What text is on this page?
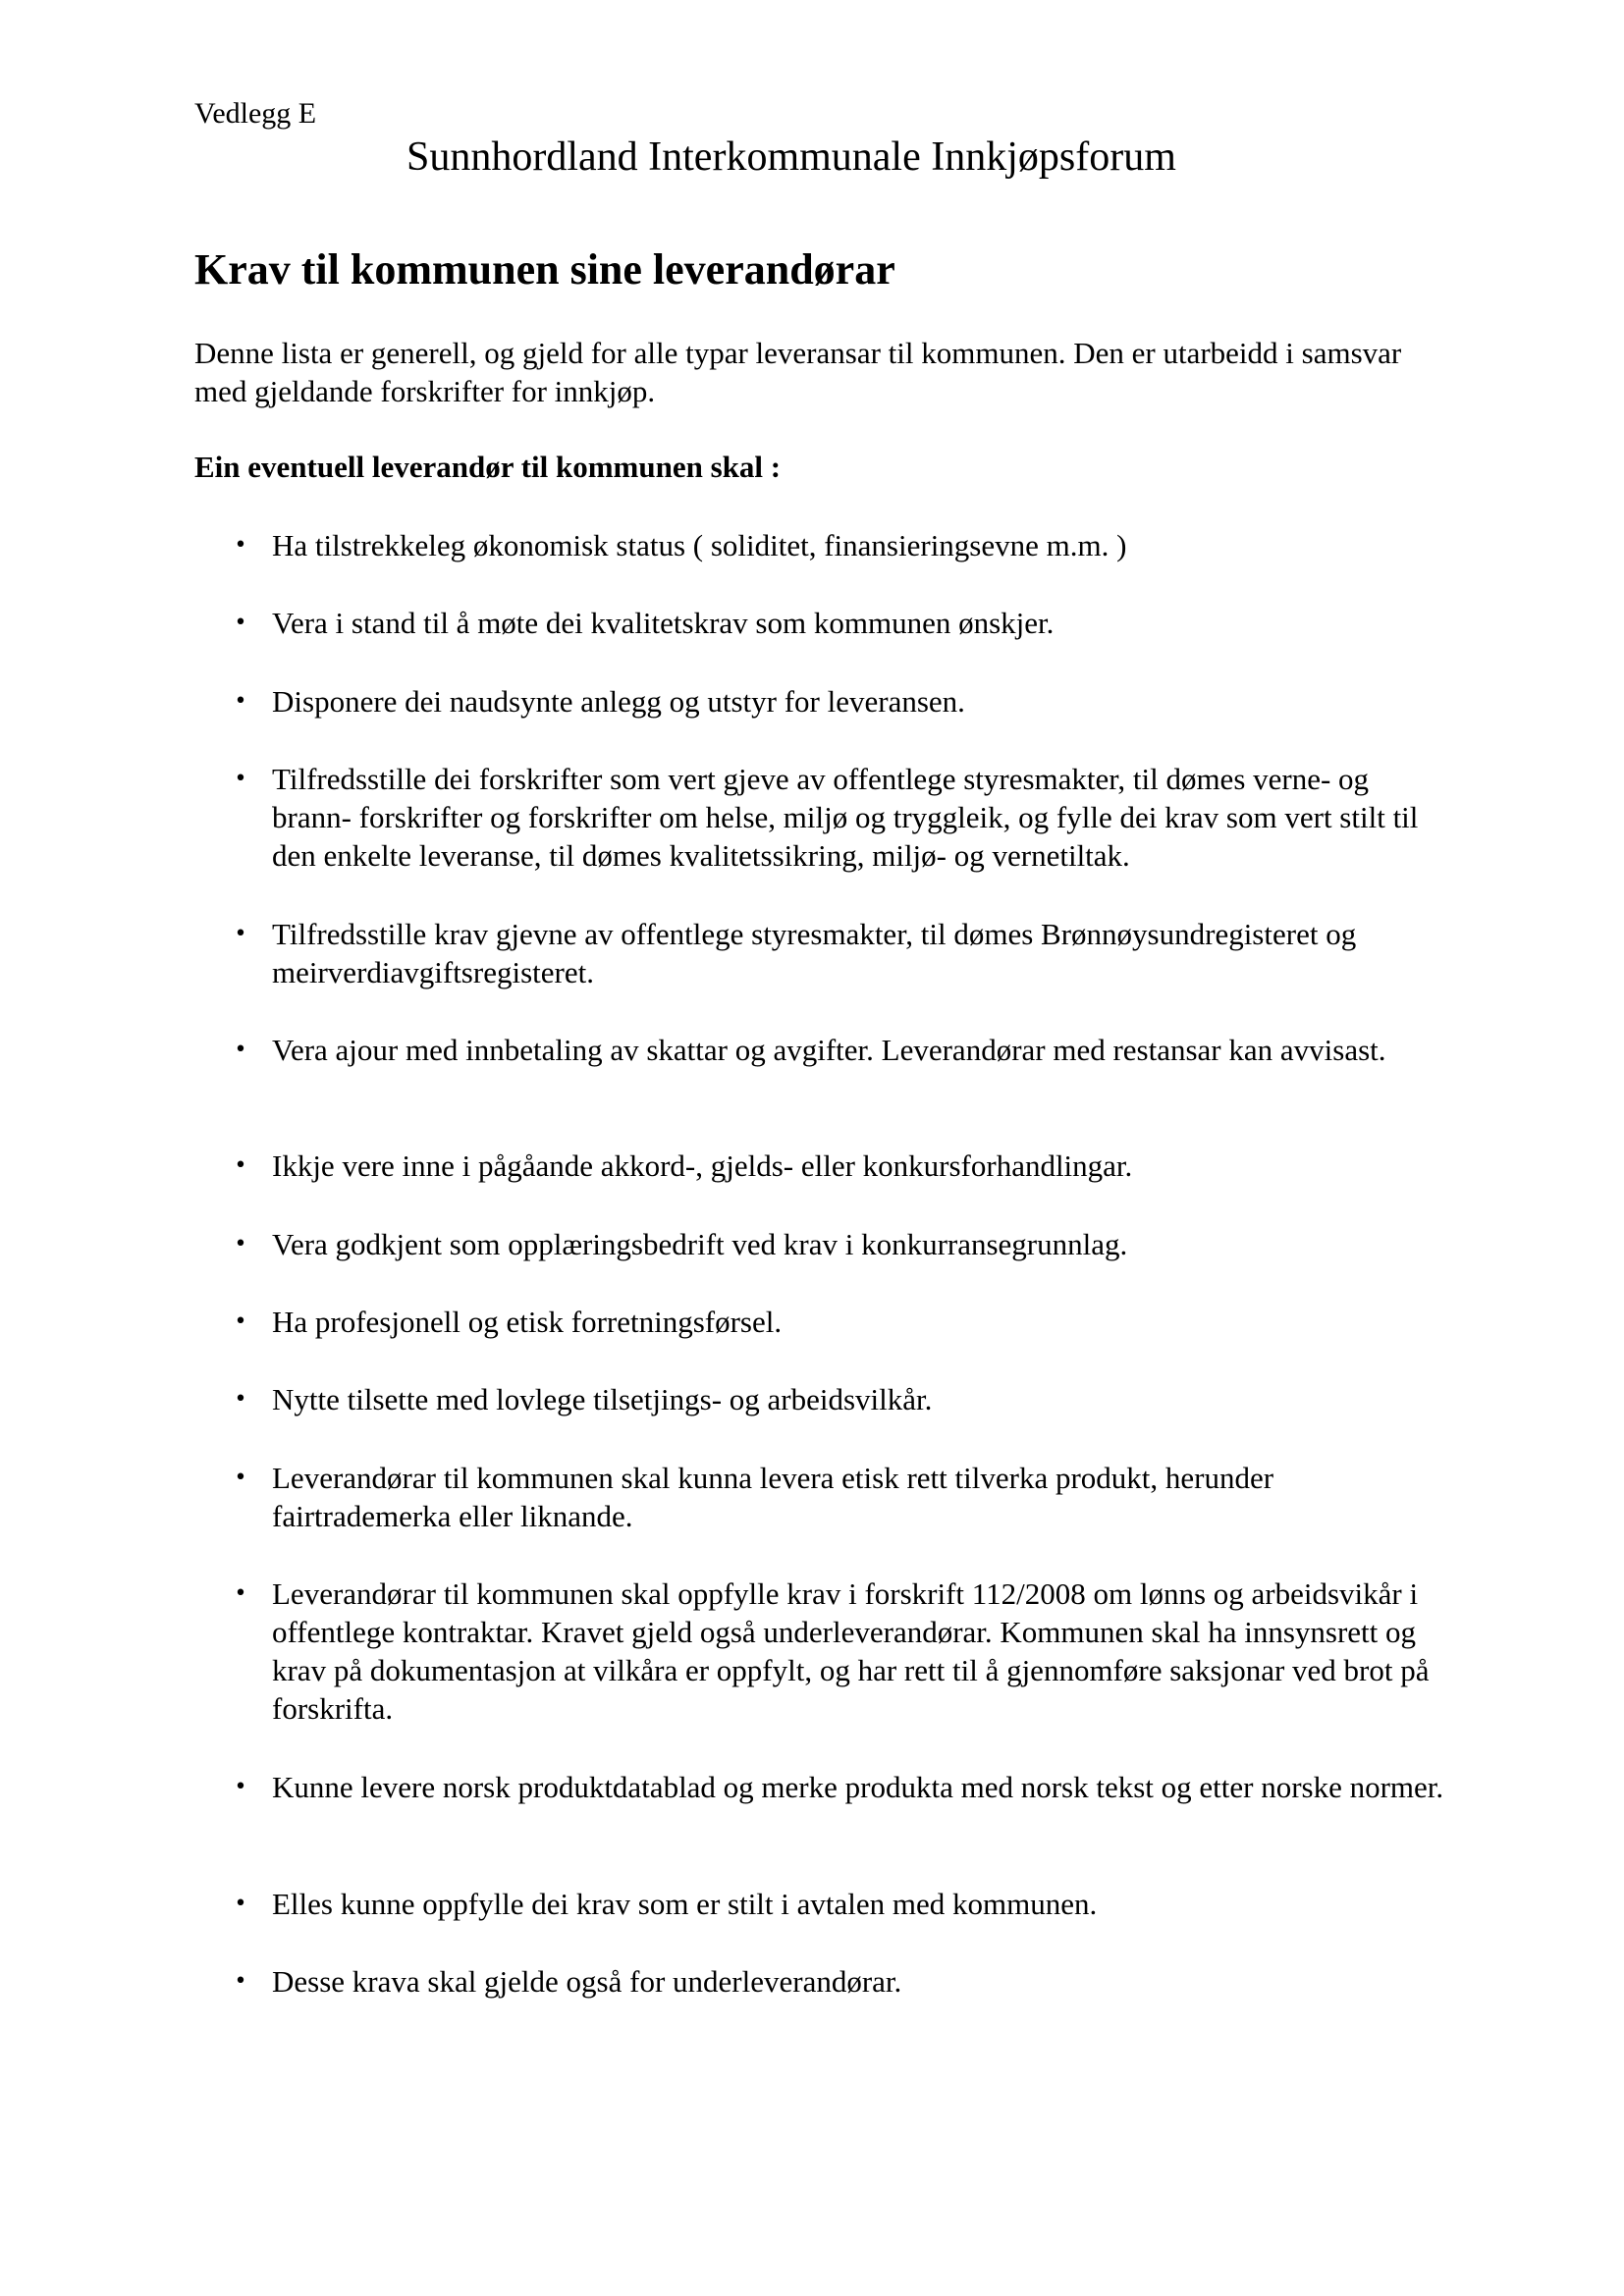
Vedlegg E

Sunnhordland Interkommunale Innkjøpsforum
Krav til kommunen sine leverandørar

Denne lista er generell, og gjeld for alle typar leveransar til kommunen. Den er utarbeidd i samsvar med gjeldande forskrifter for innkjøp.

Ein eventuell leverandør til kommunen skal :

• Ha tilstrekkeleg økonomisk status ( soliditet, finansieringsevne m.m. )
• Vera i stand til å møte dei kvalitetskrav som kommunen ønskjer.
• Disponere dei naudsynte anlegg og utstyr for leveransen.
• Tilfredsstille dei forskrifter som vert gjeve av offentlege styresmakter, til dømes verne- og brann- forskrifter og forskrifter om helse, miljø og tryggleik, og fylle dei krav som vert stilt til den enkelte leveranse, til dømes kvalitetssikring, miljø- og vernetiltak.
• Tilfredsstille krav gjevne av offentlege styresmakter, til dømes Brønnøysundregisteret og meirverdiavgiftsregisteret.
• Vera ajour med innbetaling av skattar og avgifter. Leverandørar med restansar kan avvisast.
• Ikkje vere inne i pågåande akkord-, gjelds- eller konkursforhandlingar.
• Vera godkjent som opplæringsbedrift ved krav i konkurransegrunnlag.
• Ha profesjonell og etisk forretningsførsel.
• Nytte tilsette med lovlege tilsetjings- og arbeidsvilkår.
• Leverandørar til kommunen skal kunna levera etisk rett tilverka produkt, herunder fairtrademerka eller liknande.
• Leverandørar til kommunen skal oppfylle krav i forskrift 112/2008 om lønns og arbeidsvikår i offentlege kontraktar. Kravet gjeld også underleverandørar. Kommunen skal ha innsynsrett og krav på dokumentasjon at vilkåra er oppfylt, og har rett til å gjennomføre saksjonar ved brot på forskrifta.
• Kunne levere norsk produktdatablad og merke produkta med norsk tekst og etter norske normer.
• Elles kunne oppfylle dei krav som er stilt i avtalen med kommunen.
• Desse krava skal gjelde også for underleverandørar.
